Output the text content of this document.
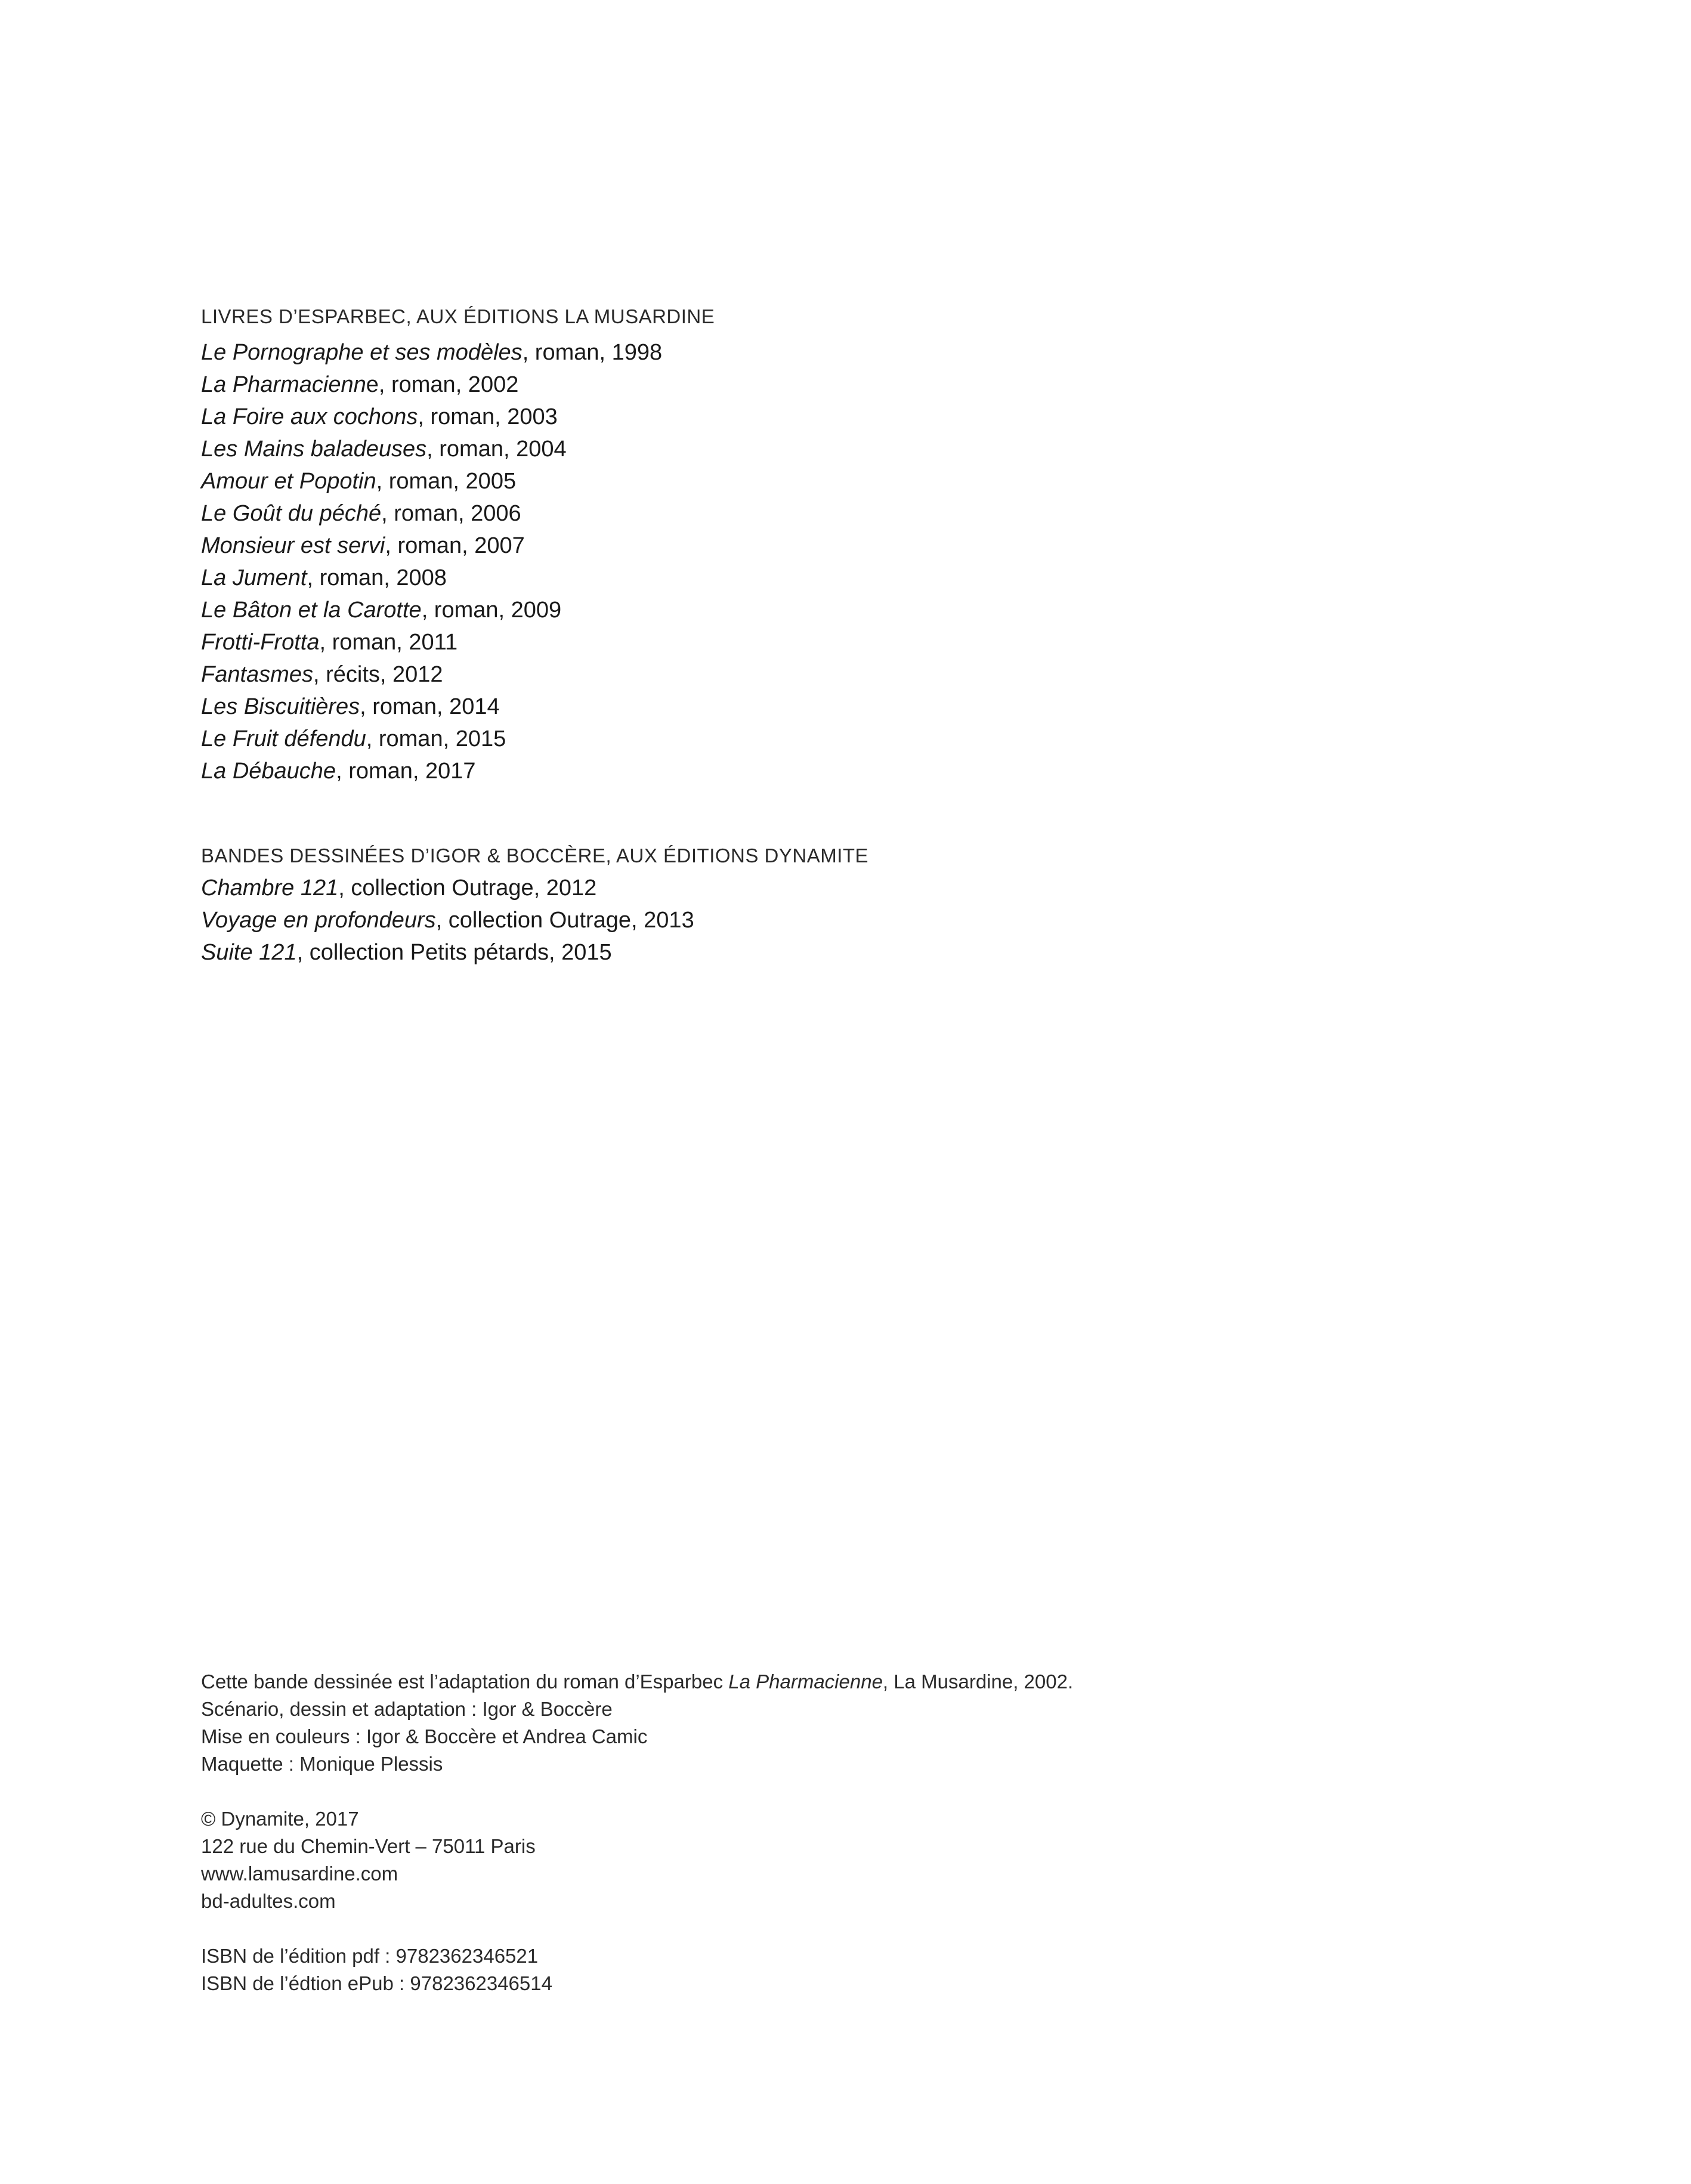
LIVRES D’ESPARBEC, AUX ÉDITIONS LA MUSARDINE
Le Pornographe et ses modèles, roman, 1998
La Pharmacienne, roman, 2002
La Foire aux cochons, roman, 2003
Les Mains baladeuses, roman, 2004
Amour et Popotin, roman, 2005
Le Goût du péché, roman, 2006
Monsieur est servi, roman, 2007
La Jument, roman, 2008
Le Bâton et la Carotte, roman, 2009
Frotti-Frotta, roman, 2011
Fantasmes, récits, 2012
Les Biscuitières, roman, 2014
Le Fruit défendu, roman, 2015
La Débauche, roman, 2017
BANDES DESSINÉES D’IGOR & BOCCÈRE, AUX ÉDITIONS DYNAMITE
Chambre 121, collection Outrage, 2012
Voyage en profondeurs, collection Outrage, 2013
Suite 121, collection Petits pétards, 2015
Cette bande dessinée est l’adaptation du roman d’Esparbec La Pharmacienne, La Musardine, 2002.
Scénario, dessin et adaptation : Igor & Boccère
Mise en couleurs : Igor & Boccère et Andrea Camic
Maquette : Monique Plessis
© Dynamite, 2017
122 rue du Chemin-Vert – 75011 Paris
www.lamusardine.com
bd-adultes.com
ISBN de l’édition pdf : 9782362346521
ISBN de l’édtion ePub : 9782362346514
